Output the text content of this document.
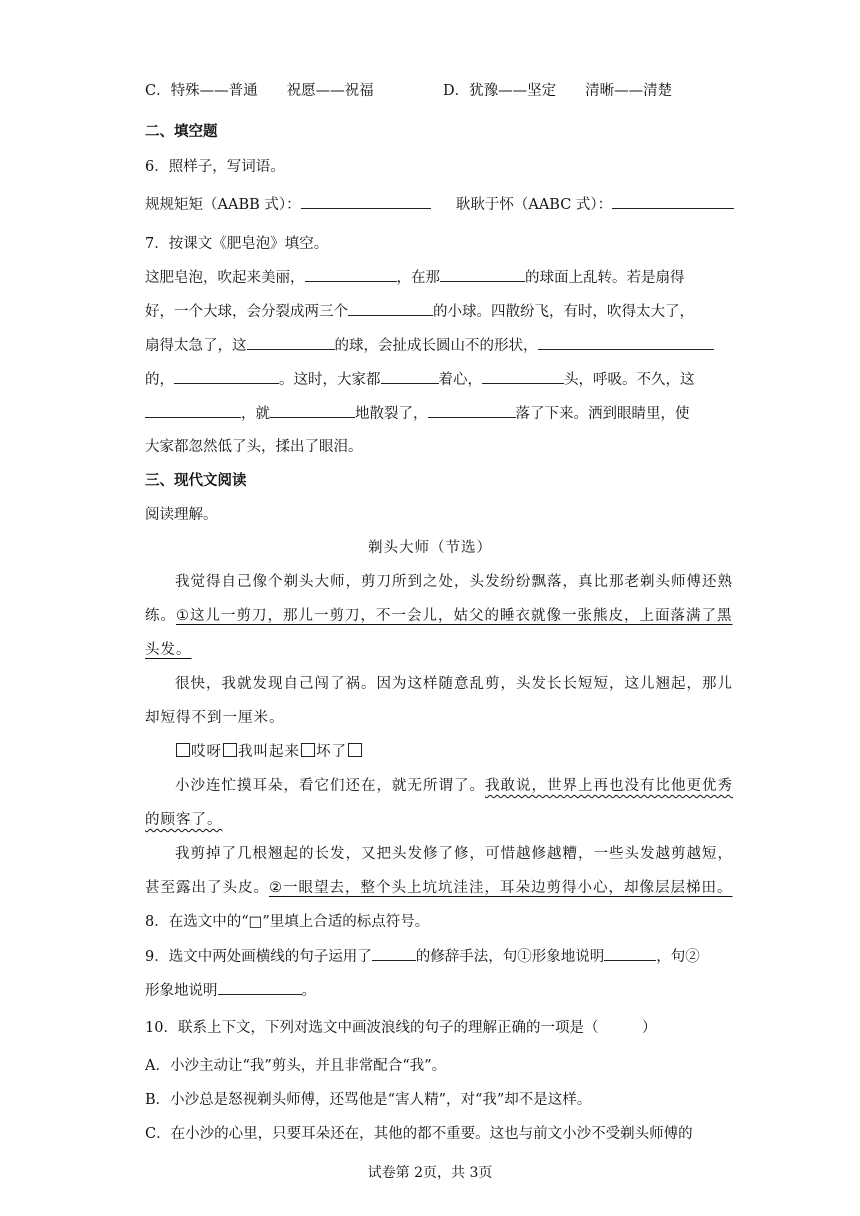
C．特殊——普通　　祝愿——祝福	D．犹豫——坚定　　清晰——清楚
二、填空题
6．照样子，写词语。
规规矩矩（AABB 式）：	耿耿于怀（AABC 式）：
7．按课文《肥皂泡》填空。
这肥皂泡，吹起来美丽，	，在那	的球面上乱转。若是扇得
好，一个大球，会分裂成两三个	的小球。四散纷飞，有时，吹得太大了，
扇得太急了，这	的球，会扯成长圆山不的形状，
的，	。这时，大家都	着心，	头，呼吸。不久，这
，就	地散裂了，	落了下来。洒到眼睛里，使
大家都忽然低了头，揉出了眼泪。
三、现代文阅读
阅读理解。
剃头大师（节选）
我觉得自己像个剃头大师，剪刀所到之处，头发纷纷飘落，真比那老剃头师傅还熟
练。①这儿一剪刀，那儿一剪刀，不一会儿，姑父的睡衣就像一张熊皮，上面落满了黑
头发。
很快，我就发现自己闯了祸。因为这样随意乱剪，头发长长短短，这儿翘起，那儿
却短得不到一厘米。
哎呀 我叫起来 坏了
小沙连忙摸耳朵，看它们还在，就无所谓了。我敢说，世界上再也没有比他更优秀
的顾客了。
我剪掉了几根翘起的长发，又把头发修了修，可惜越修越糟，一些头发越剪越短，
甚至露出了头皮。②一眼望去，整个头上坑坑洼洼，耳朵边剪得小心，却像层层梯田。
8．在选文中的“□”里填上合适的标点符号。
9．选文中两处画横线的句子运用了	的修辞手法，句①形象地说明	，句②
形象地说明	。
10．联系上下文，下列对选文中画波浪线的句子的理解正确的一项是（　　　）
A．小沙主动让“我”剪头，并且非常配合“我”。
B．小沙总是怒视剃头师傅，还骂他是“害人精”，对“我”却不是这样。
C．在小沙的心里，只要耳朵还在，其他的都不重要。这也与前文小沙不受剃头师傅的
试卷第 2页，共 3页
